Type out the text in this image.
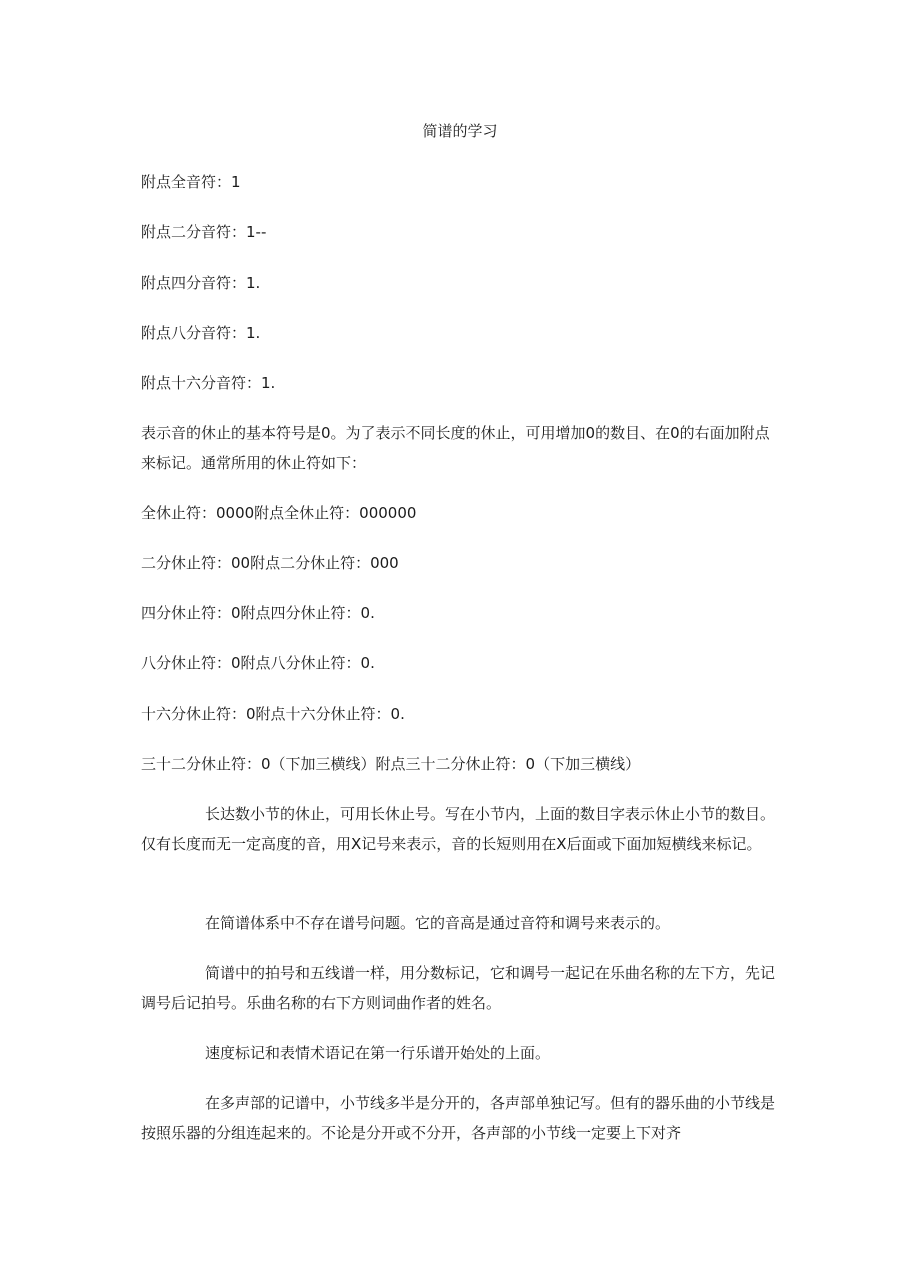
简谱的学习

附点全音符：1

附点二分音符：1--

附点四分音符：1.

附点八分音符：1.

附点十六分音符：1.

表示音的休止的基本符号是0。为了表示不同长度的休止，可用增加0的数目、在0的右面加附点来标记。通常所用的休止符如下：

全休止符：0000附点全休止符：000000

二分休止符：00附点二分休止符：000

四分休止符：0附点四分休止符：0.

八分休止符：0附点八分休止符：0.

十六分休止符：0附点十六分休止符：0.

三十二分休止符：0（下加三横线）附点三十二分休止符：0（下加三横线）

长达数小节的休止，可用长休止号。写在小节内，上面的数目字表示休止小节的数目。仅有长度而无一定高度的音，用X记号来表示，音的长短则用在X后面或下面加短横线来标记。

在简谱体系中不存在谱号问题。它的音高是通过音符和调号来表示的。

简谱中的拍号和五线谱一样，用分数标记，它和调号一起记在乐曲名称的左下方，先记调号后记拍号。乐曲名称的右下方则词曲作者的姓名。

速度标记和表情术语记在第一行乐谱开始处的上面。

在多声部的记谱中，小节线多半是分开的，各声部单独记写。但有的器乐曲的小节线是按照乐器的分组连起来的。不论是分开或不分开，各声部的小节线一定要上下对齐
